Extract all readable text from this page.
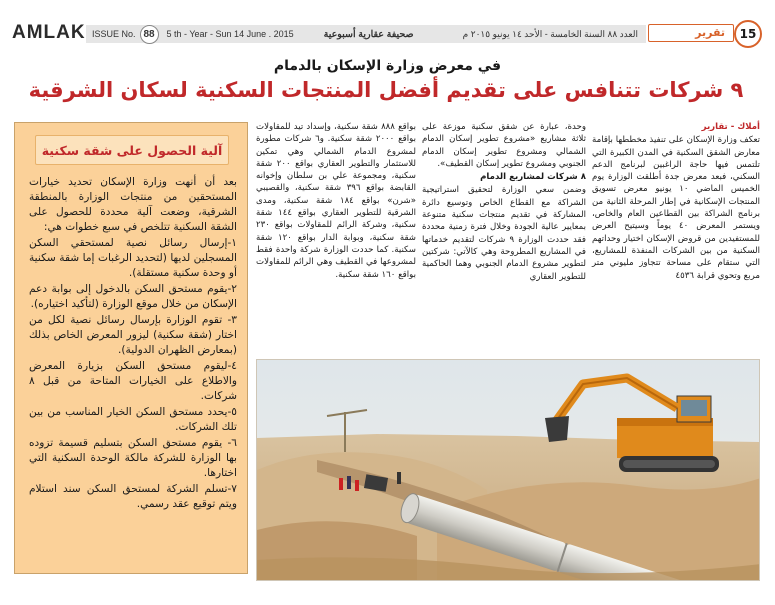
AMLAK ISSUE No. 88	5 th - Year - Sun 14 June . 2015	صحيفة عقارية أسبوعية	العدد ٨٨ السنة الخامسة - الأحد ١٤ يونيو ٢٠١٥ م	تقرير	15
في معرض وزارة الإسكان بالدمام
٩ شركات تتنافس على تقديم أفضل المنتجات السكنية لسكان الشرقية

أملاك - تقارير

تعكف وزارة الإسكان على تنفيذ مخططها بإقامة معارض الشقق السكنية في المدن الكبيرة التي تلتمس فيها حاجة الراغبين لبرنامج الدعم السكني، فبعد معرض جدة أطلقت الوزارة يوم الخميس الماضي ١٠ يونيو معرض تسويق المنتجات الإسكانية في إطار المرحلة الثانية من برنامج الشراكة بين القطاعين العام والخاص، ويستمر المعرض ٤٠ يوماً وسيتيح العرض للمستفيدين من قروض الإسكان اختيار وحداتهم السكنية من بين الشركات المنفذة للمشاريع، التي ستقام على مساحة تتجاوز مليوني متر مربع وتحوي قرابة ٤٥٣٦

وحدة، عبارة عن شقق سكنية موزعة على ثلاثة مشاريع «مشروع تطوير إسكان الدمام الشمالي ومشروع تطوير إسكان الدمام الجنوبي ومشروع تطوير إسكان القطيف».

٨ شركات لمشاريع الدمام

وضمن سعي الوزارة لتحقيق استراتيجية الشراكة مع القطاع الخاص وتوسيع دائرة المشاركة في تقديم منتجات سكنية متنوعة بمعايير عالية الجودة وخلال فترة زمنية محددة فقد حددت الوزارة ٩ شركات لتقديم خدماتها في المشاريع المطروحة وهي كالآتي: شركتين لتطوير مشروع الدمام الجنوبي وهما الحاكمية للتطوير العقاري

بواقع ٨٨٨ شقة سكنية، وإسداد تيد للمقاولات بواقع ٢٠٠٠ شقة سكنية. و٦ شركات مطورة لمشروع الدمام الشمالي وهي تمكين للاستثمار والتطوير العقاري بواقع ٢٠٠ شقة سكنية، ومجموعة علي بن سلطان وإخوانه القابضة بواقع ٣٩٦ شقة سكنية، والقصيبي «شرن» بواقع ١٨٤ شقة سكنية، ومدى الشرقية للتطوير العقاري بواقع ١٤٤ شقة سكنية، وشركة الرائم للمقاولات بواقع ٢٣٠ شقة سكنية، وبوابة الدار بواقع ١٢٠ شقة سكنية. كما حددت الوزارة شركة واحدة فقط لمشروعها في القطيف وهي الرائم للمقاولات بواقع ١٦٠ شقة سكنية.

آلية الحصول على شقة سكنية

بعد أن أنهت وزارة الإسكان تحديد خيارات المستحقين من منتجات الوزارة بالمنطقة الشرقية، وضعت آلية محددة للحصول على الشقة السكنية تتلخص في سبع خطوات هي:

١-إرسال رسائل نصية لمستحقي السكن المسجلين لديها (لتحديد الرغبات إما شقة سكنية أو وحدة سكنية مستقلة).

٢-يقوم مستحق السكن بالدخول إلى بوابة دعم الإسكان من خلال موقع الوزارة (لتأكيد اختياره).

٣- تقوم الوزارة بإرسال رسائل نصية لكل من اختار (شقة سكنية) ليزور المعرض الخاص بذلك (بمعارض الظهران الدولية).

٤-ليقوم مستحق السكن بزيارة المعرض والاطلاع على الخيارات المتاحة من قبل ٨ شركات.

٥-يحدد مستحق السكن الخيار المناسب من بين تلك الشركات.

٦- يقوم مستحق السكن بتسليم قسيمة تزوده بها الوزارة للشركة مالكة الوحدة السكنية التي اختارها.

٧-تسلم الشركة لمستحق السكن سند استلام ويتم توقيع عقد رسمي.
